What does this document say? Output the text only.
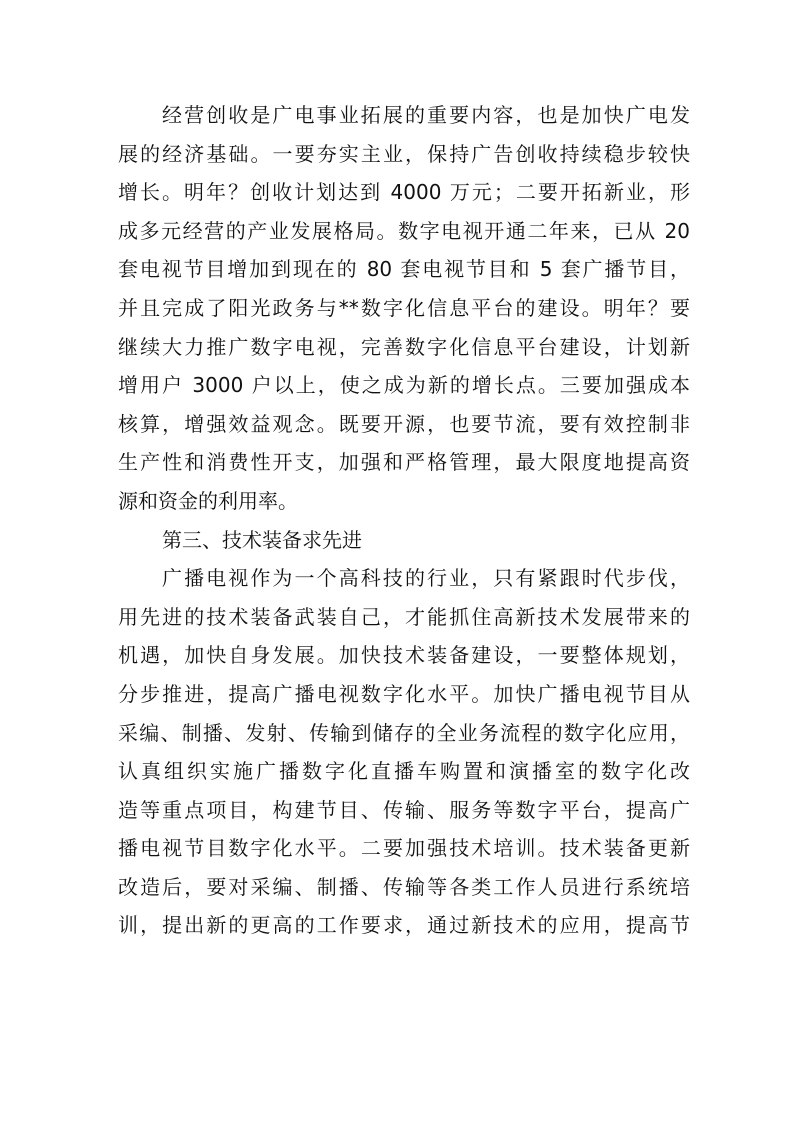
经营创收是广电事业拓展的重要内容，也是加快广电发
展的经济基础。一要夯实主业，保持广告创收持续稳步较快
增长。明年？创收计划达到 4000 万元；二要开拓新业，形
成多元经营的产业发展格局。数字电视开通二年来，已从 20
套电视节目增加到现在的 80 套电视节目和 5 套广播节目，
并且完成了阳光政务与**数字化信息平台的建设。明年？要
继续大力推广数字电视，完善数字化信息平台建设，计划新
增用户 3000 户以上，使之成为新的增长点。三要加强成本
核算，增强效益观念。既要开源，也要节流，要有效控制非
生产性和消费性开支，加强和严格管理，最大限度地提高资
源和资金的利用率。
第三、技术装备求先进
广播电视作为一个高科技的行业，只有紧跟时代步伐，
用先进的技术装备武装自己，才能抓住高新技术发展带来的
机遇，加快自身发展。加快技术装备建设，一要整体规划，
分步推进，提高广播电视数字化水平。加快广播电视节目从
采编、制播、发射、传输到储存的全业务流程的数字化应用，
认真组织实施广播数字化直播车购置和演播室的数字化改
造等重点项目，构建节目、传输、服务等数字平台，提高广
播电视节目数字化水平。二要加强技术培训。技术装备更新
改造后，要对采编、制播、传输等各类工作人员进行系统培
训，提出新的更高的工作要求，通过新技术的应用，提高节
